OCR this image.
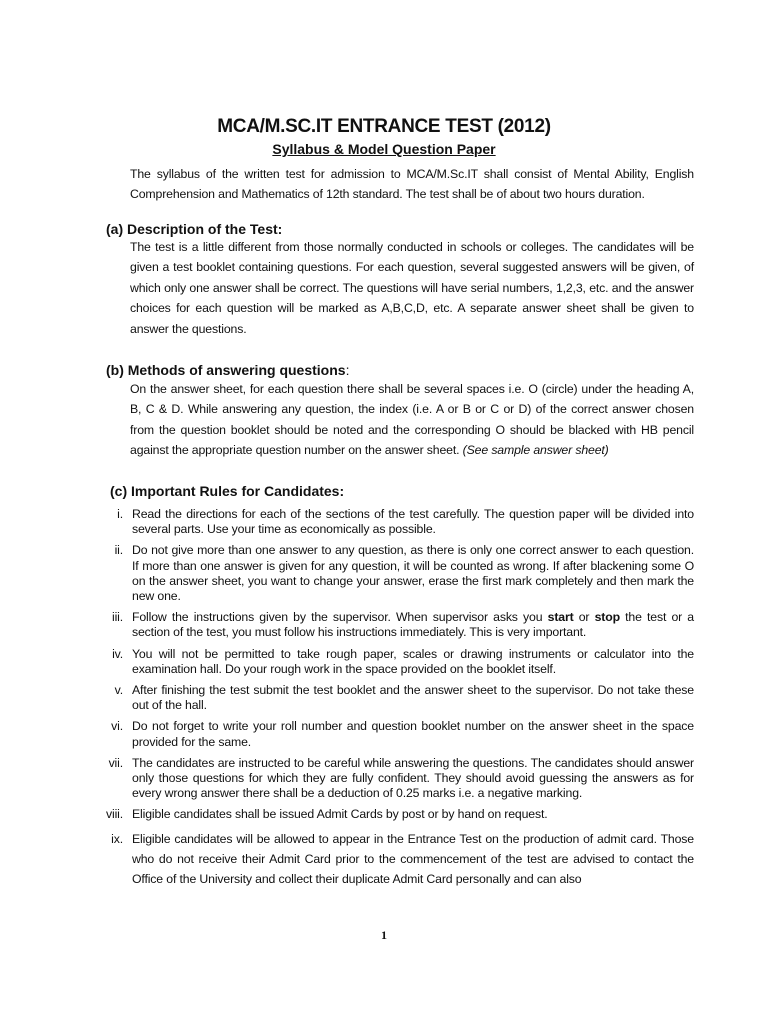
MCA/M.SC.IT ENTRANCE TEST (2012)
Syllabus & Model Question Paper
The syllabus of the written test for admission to MCA/M.Sc.IT shall consist of Mental Ability, English Comprehension and Mathematics of 12th standard. The test shall be of about two hours duration.
(a) Description of the Test:
The test is a little different from those normally conducted in schools or colleges. The candidates will be given a test booklet containing questions. For each question, several suggested answers will be given, of which only one answer shall be correct. The questions will have serial numbers, 1,2,3, etc. and the answer choices for each question will be marked as A,B,C,D, etc. A separate answer sheet shall be given to answer the questions.
(b) Methods of answering questions:
On the answer sheet, for each question there shall be several spaces i.e. O (circle) under the heading A, B, C & D. While answering any question, the index (i.e. A or B or C or D) of the correct answer chosen from the question booklet should be noted and the corresponding O should be blacked with HB pencil against the appropriate question number on the answer sheet. (See sample answer sheet)
(c) Important Rules for Candidates:
i. Read the directions for each of the sections of the test carefully. The question paper will be divided into several parts. Use your time as economically as possible.
ii. Do not give more than one answer to any question, as there is only one correct answer to each question. If more than one answer is given for any question, it will be counted as wrong. If after blackening some O on the answer sheet, you want to change your answer, erase the first mark completely and then mark the new one.
iii. Follow the instructions given by the supervisor. When supervisor asks you start or stop the test or a section of the test, you must follow his instructions immediately. This is very important.
iv. You will not be permitted to take rough paper, scales or drawing instruments or calculator into the examination hall. Do your rough work in the space provided on the booklet itself.
v. After finishing the test submit the test booklet and the answer sheet to the supervisor. Do not take these out of the hall.
vi. Do not forget to write your roll number and question booklet number on the answer sheet in the space provided for the same.
vii. The candidates are instructed to be careful while answering the questions. The candidates should answer only those questions for which they are fully confident. They should avoid guessing the answers as for every wrong answer there shall be a deduction of 0.25 marks i.e. a negative marking.
viii. Eligible candidates shall be issued Admit Cards by post or by hand on request.
ix. Eligible candidates will be allowed to appear in the Entrance Test on the production of admit card. Those who do not receive their Admit Card prior to the commencement of the test are advised to contact the Office of the University and collect their duplicate Admit Card personally and can also
1
